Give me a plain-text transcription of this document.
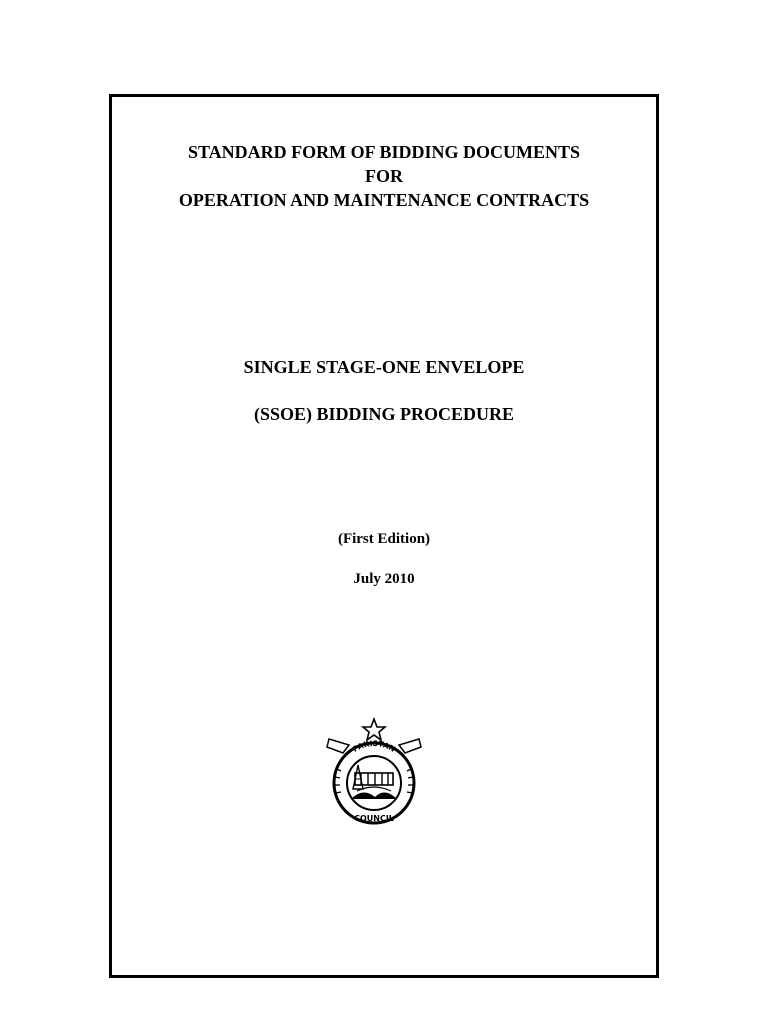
STANDARD FORM OF BIDDING DOCUMENTS
FOR
OPERATION AND MAINTENANCE CONTRACTS
SINGLE STAGE-ONE ENVELOPE
(SSOE) BIDDING PROCEDURE
(First Edition)
July 2010
PAKISTAN
COUNCIL
